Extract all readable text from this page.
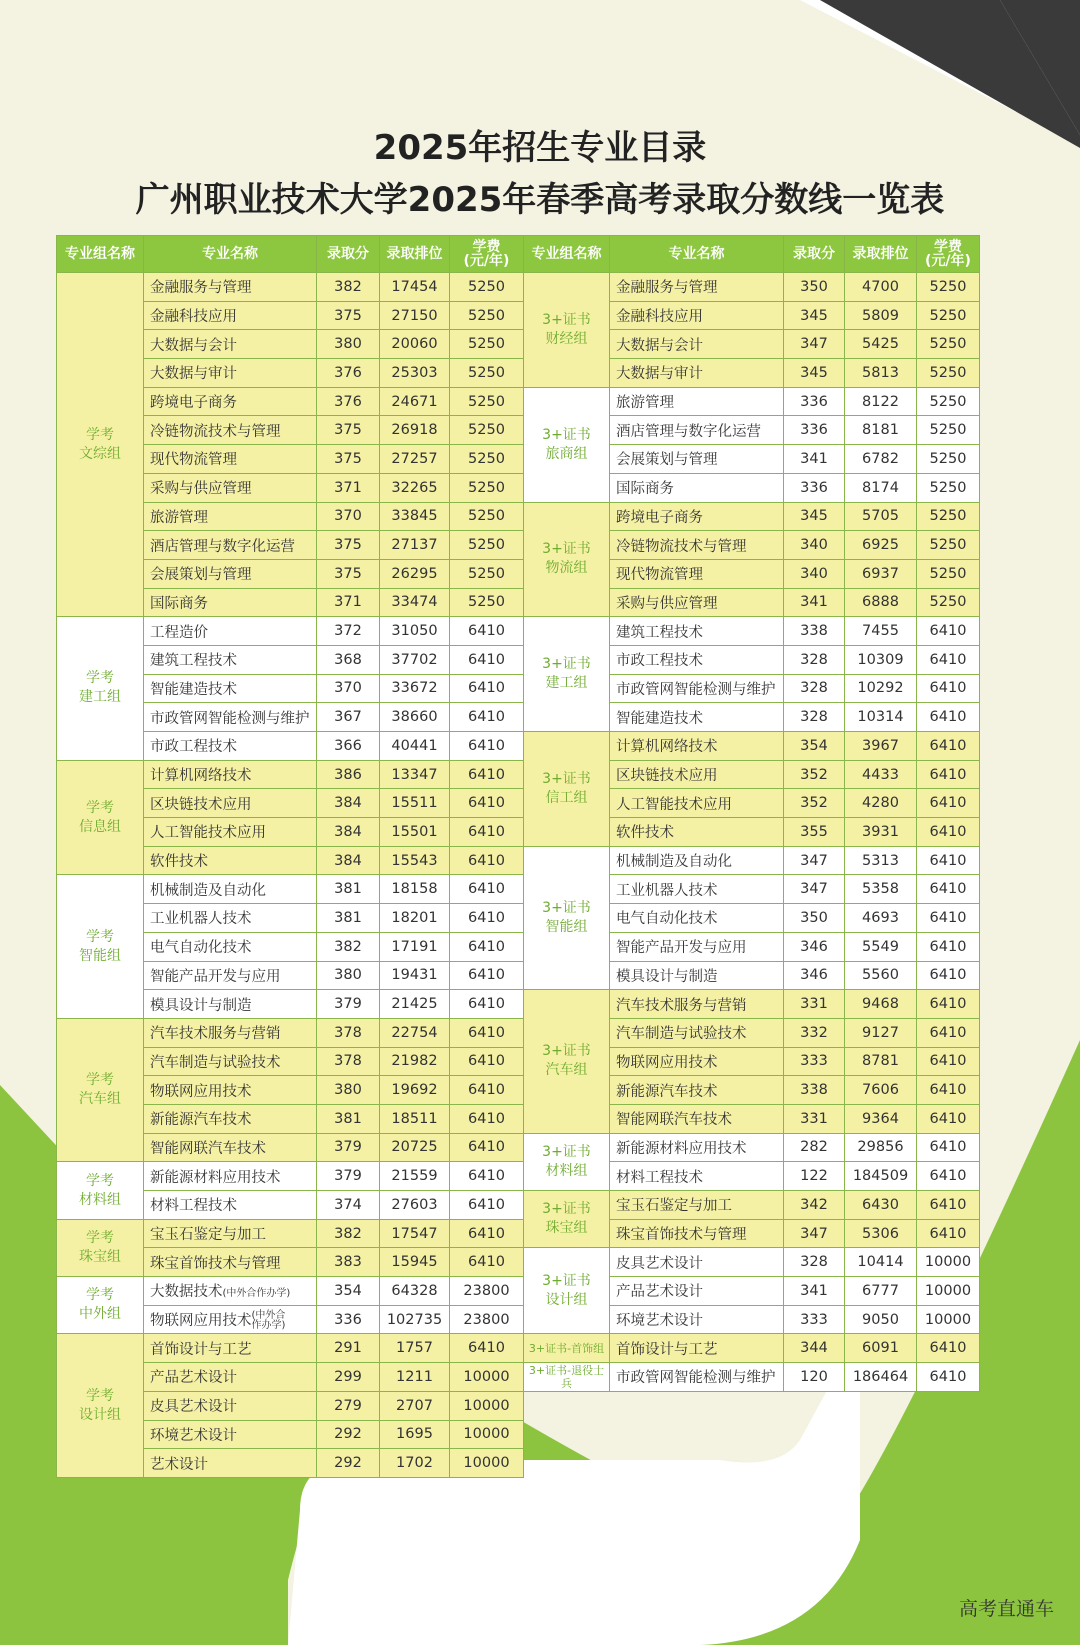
2025年招生专业目录
广州职业技术大学2025年春季高考录取分数线一览表
专业组名称	专业名称	录取分	录取排位	学费
(元/年)
学考
文综组	金融服务与管理	382	17454	5250
	金融科技应用	375	27150	5250
	大数据与会计	380	20060	5250
	大数据与审计	376	25303	5250
	跨境电子商务	376	24671	5250
	冷链物流技术与管理	375	26918	5250
	现代物流管理	375	27257	5250
	采购与供应管理	371	32265	5250
	旅游管理	370	33845	5250
	酒店管理与数字化运营	375	27137	5250
	会展策划与管理	375	26295	5250
	国际商务	371	33474	5250
学考
建工组	工程造价	372	31050	6410
	建筑工程技术	368	37702	6410
	智能建造技术	370	33672	6410
	市政管网智能检测与维护	367	38660	6410
	市政工程技术	366	40441	6410
学考
信息组	计算机网络技术	386	13347	6410
	区块链技术应用	384	15511	6410
	人工智能技术应用	384	15501	6410
	软件技术	384	15543	6410
学考
智能组	机械制造及自动化	381	18158	6410
	工业机器人技术	381	18201	6410
	电气自动化技术	382	17191	6410
	智能产品开发与应用	380	19431	6410
	模具设计与制造	379	21425	6410
学考
汽车组	汽车技术服务与营销	378	22754	6410
	汽车制造与试验技术	378	21982	6410
	物联网应用技术	380	19692	6410
	新能源汽车技术	381	18511	6410
	智能网联汽车技术	379	20725	6410
学考
材料组	新能源材料应用技术	379	21559	6410
	材料工程技术	374	27603	6410
学考
珠宝组	宝玉石鉴定与加工	382	17547	6410
	珠宝首饰技术与管理	383	15945	6410
学考
中外组	大数据技术(中外合作办学)	354	64328	23800
	物联网应用技术(中外合
作办学)	336	102735	23800
学考
设计组	首饰设计与工艺	291	1757	6410
	产品艺术设计	299	1211	10000
	皮具艺术设计	279	2707	10000
	环境艺术设计	292	1695	10000
	艺术设计	292	1702	10000
专业组名称	专业名称	录取分	录取排位	学费
(元/年)
3+证书
财经组	金融服务与管理	350	4700	5250
	金融科技应用	345	5809	5250
	大数据与会计	347	5425	5250
	大数据与审计	345	5813	5250
3+证书
旅商组	旅游管理	336	8122	5250
	酒店管理与数字化运营	336	8181	5250
	会展策划与管理	341	6782	5250
	国际商务	336	8174	5250
3+证书
物流组	跨境电子商务	345	5705	5250
	冷链物流技术与管理	340	6925	5250
	现代物流管理	340	6937	5250
	采购与供应管理	341	6888	5250
3+证书
建工组	建筑工程技术	338	7455	6410
	市政工程技术	328	10309	6410
	市政管网智能检测与维护	328	10292	6410
	智能建造技术	328	10314	6410
3+证书
信工组	计算机网络技术	354	3967	6410
	区块链技术应用	352	4433	6410
	人工智能技术应用	352	4280	6410
	软件技术	355	3931	6410
3+证书
智能组	机械制造及自动化	347	5313	6410
	工业机器人技术	347	5358	6410
	电气自动化技术	350	4693	6410
	智能产品开发与应用	346	5549	6410
	模具设计与制造	346	5560	6410
3+证书
汽车组	汽车技术服务与营销	331	9468	6410
	汽车制造与试验技术	332	9127	6410
	物联网应用技术	333	8781	6410
	新能源汽车技术	338	7606	6410
	智能网联汽车技术	331	9364	6410
3+证书
材料组	新能源材料应用技术	282	29856	6410
	材料工程技术	122	184509	6410
3+证书
珠宝组	宝玉石鉴定与加工	342	6430	6410
	珠宝首饰技术与管理	347	5306	6410
3+证书
设计组	皮具艺术设计	328	10414	10000
	产品艺术设计	341	6777	10000
	环境艺术设计	333	9050	10000
3+证书-首饰组	首饰设计与工艺	344	6091	6410
3+证书-退役士兵	市政管网智能检测与维护	120	186464	6410
高考直通车
